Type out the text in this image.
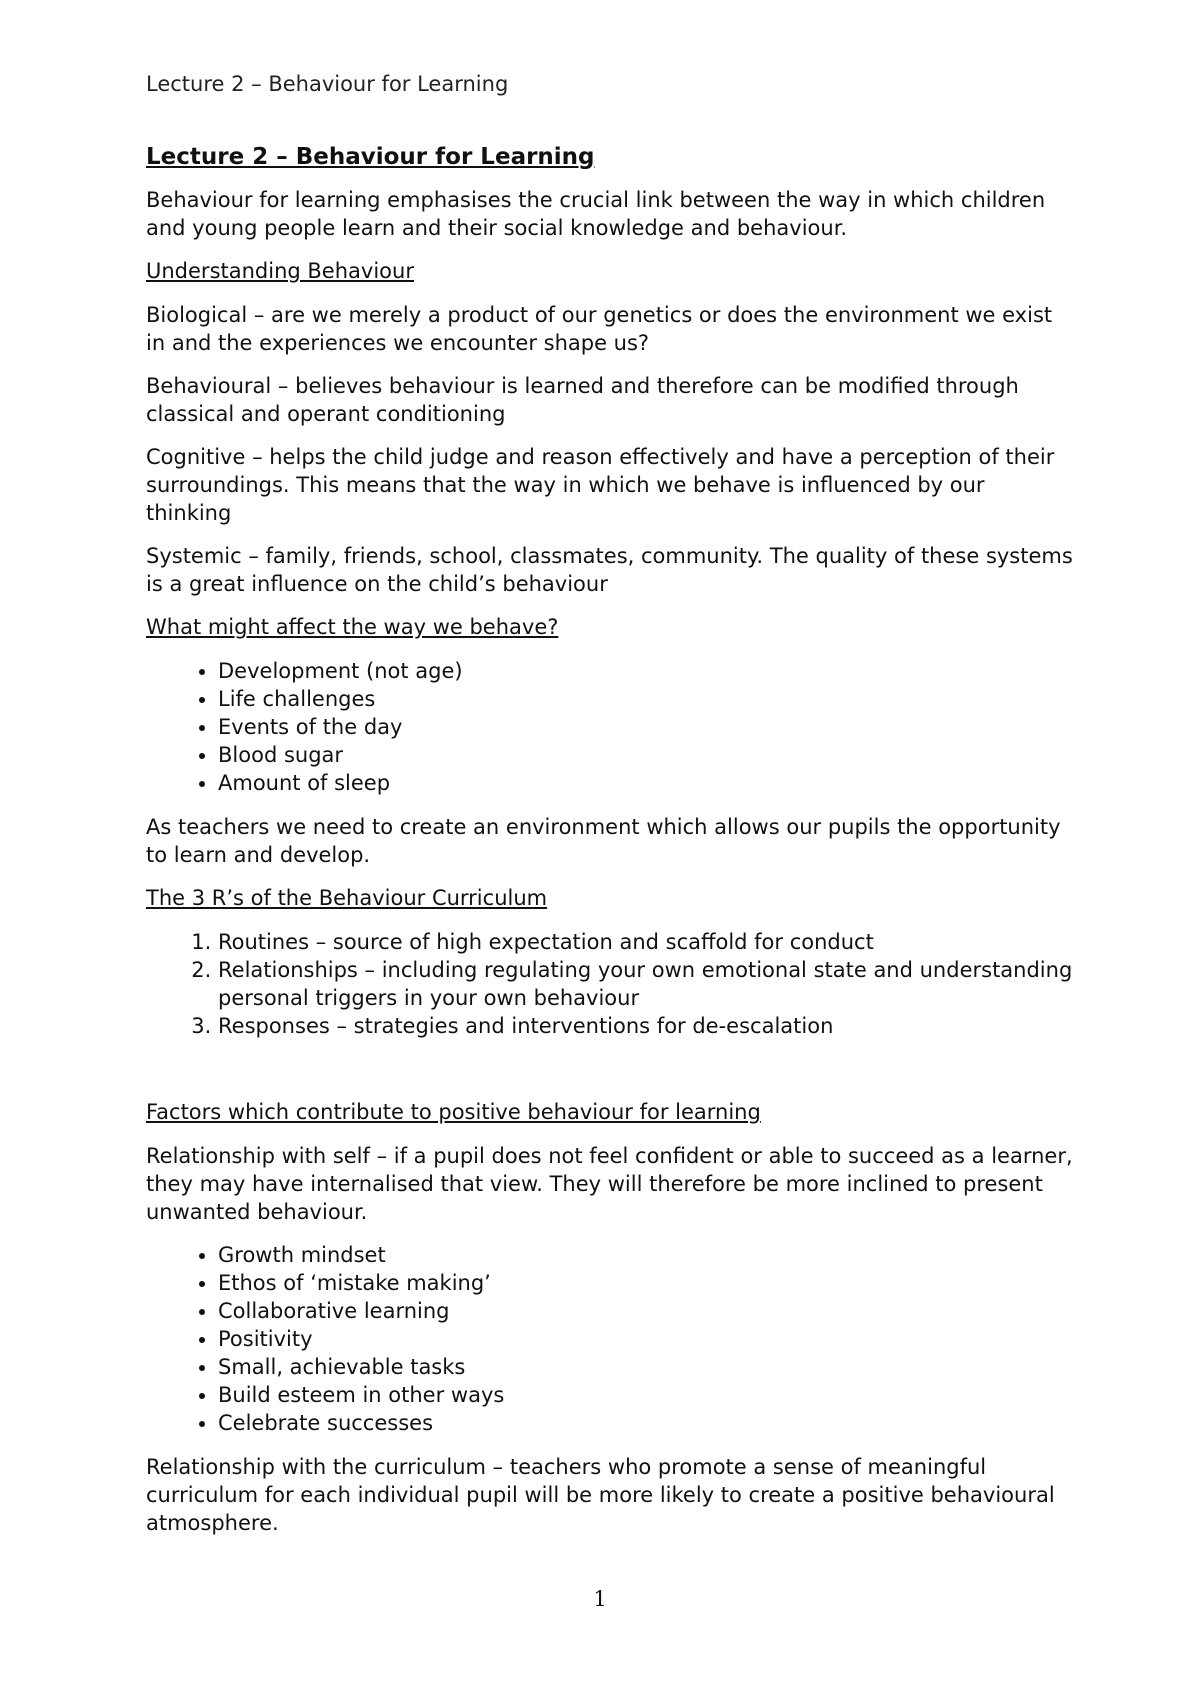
Lecture 2 – Behaviour for Learning
Lecture 2 – Behaviour for Learning

Behaviour for learning emphasises the crucial link between the way in which children and young people learn and their social knowledge and behaviour.

Understanding Behaviour

Biological – are we merely a product of our genetics or does the environment we exist in and the experiences we encounter shape us?

Behavioural – believes behaviour is learned and therefore can be modified through classical and operant conditioning

Cognitive – helps the child judge and reason effectively and have a perception of their surroundings. This means that the way in which we behave is influenced by our thinking

Systemic – family, friends, school, classmates, community. The quality of these systems is a great influence on the child’s behaviour

What might affect the way we behave?

• Development (not age)
• Life challenges
• Events of the day
• Blood sugar
• Amount of sleep

As teachers we need to create an environment which allows our pupils the opportunity to learn and develop.

The 3 R’s of the Behaviour Curriculum

1. Routines – source of high expectation and scaffold for conduct
2. Relationships – including regulating your own emotional state and understanding personal triggers in your own behaviour
3. Responses – strategies and interventions for de-escalation

Factors which contribute to positive behaviour for learning

Relationship with self – if a pupil does not feel confident or able to succeed as a learner, they may have internalised that view. They will therefore be more inclined to present unwanted behaviour.

• Growth mindset
• Ethos of ‘mistake making’
• Collaborative learning
• Positivity
• Small, achievable tasks
• Build esteem in other ways
• Celebrate successes

Relationship with the curriculum – teachers who promote a sense of meaningful curriculum for each individual pupil will be more likely to create a positive behavioural atmosphere.

1
